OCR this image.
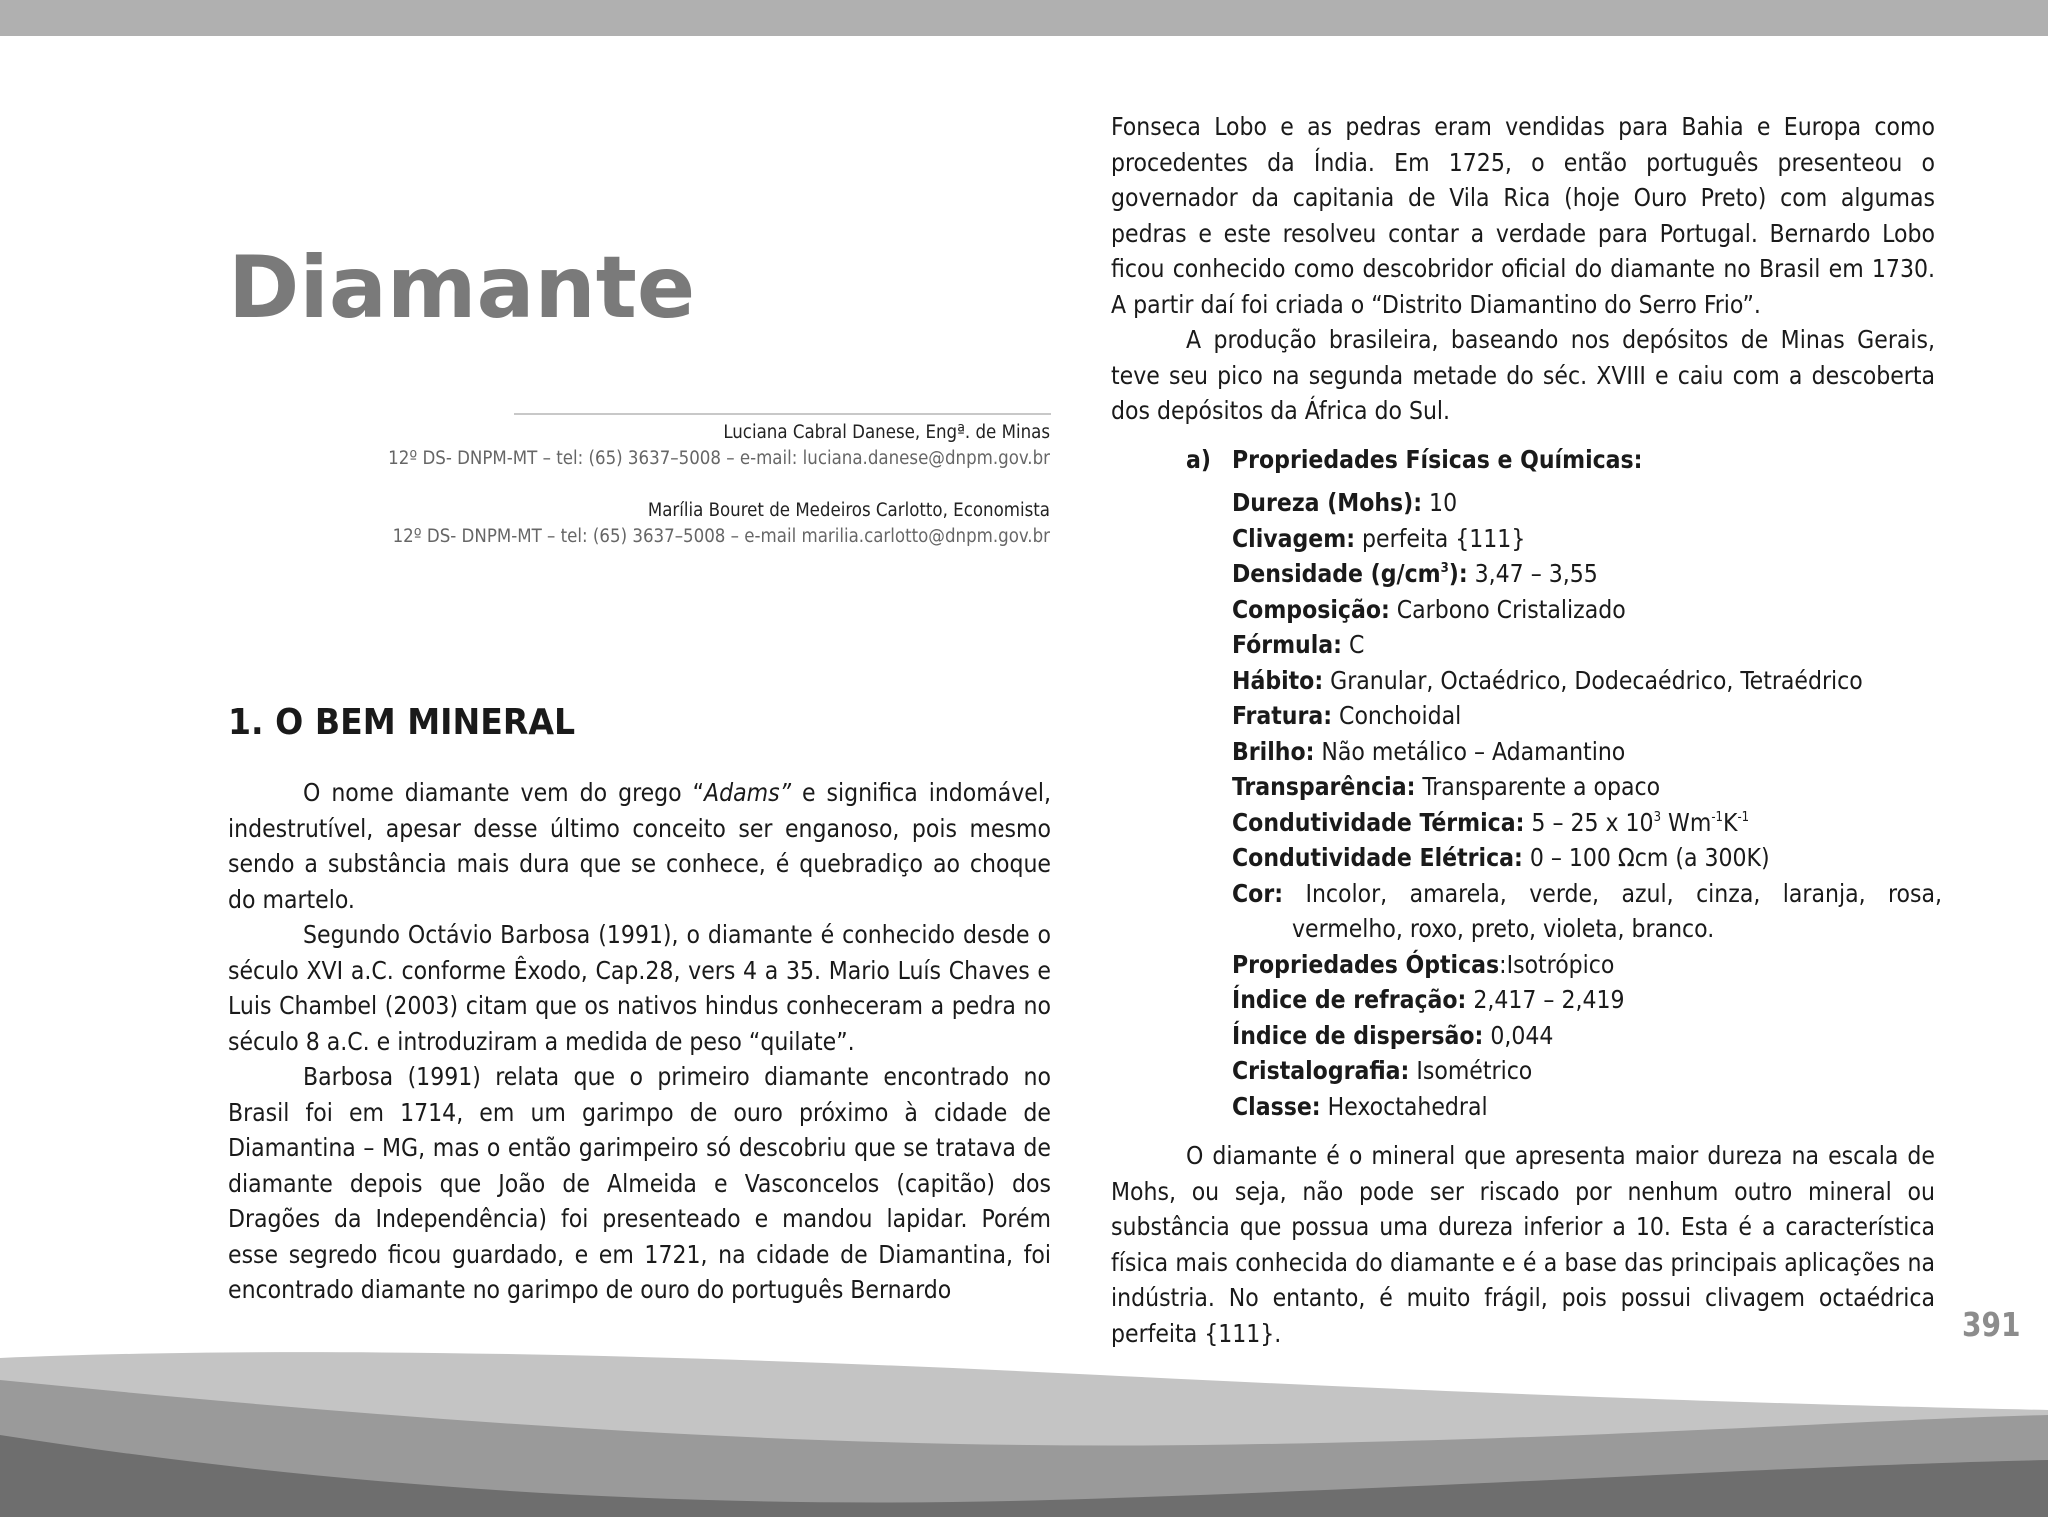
Diamante
Luciana Cabral Danese, Engª. de Minas
12º DS- DNPM-MT – tel: (65) 3637–5008 – e-mail: luciana.danese@dnpm.gov.br
Marília Bouret de Medeiros Carlotto, Economista
12º DS- DNPM-MT – tel: (65) 3637–5008 – e-mail marilia.carlotto@dnpm.gov.br
1. O BEM MINERAL

O nome diamante vem do grego “Adams” e significa indomável, indestrutível, apesar desse último conceito ser enganoso, pois mesmo sendo a substância mais dura que se conhece, é quebradiço ao choque do martelo.

Segundo Octávio Barbosa (1991), o diamante é conhecido desde o século XVI a.C. conforme Êxodo, Cap.28, vers 4 a 35. Mario Luís Chaves e Luis Chambel (2003) citam que os nativos hindus conheceram a pedra no século 8 a.C. e introduziram a medida de peso “quilate”.

Barbosa (1991) relata que o primeiro diamante encontrado no Brasil foi em 1714, em um garimpo de ouro próximo à cidade de Diamantina – MG, mas o então garimpeiro só descobriu que se tratava de diamante depois que João de Almeida e Vasconcelos (capitão) dos Dragões da Independência) foi presenteado e mandou lapidar. Porém esse segredo ficou guardado, e em 1721, na cidade de Diamantina, foi encontrado diamante no garimpo de ouro do português Bernardo

Fonseca Lobo e as pedras eram vendidas para Bahia e Europa como procedentes da Índia. Em 1725, o então português presenteou o governador da capitania de Vila Rica (hoje Ouro Preto) com algumas pedras e este resolveu contar a verdade para Portugal. Bernardo Lobo ficou conhecido como descobridor oficial do diamante no Brasil em 1730. A partir daí foi criada o “Distrito Diamantino do Serro Frio”.

A produção brasileira, baseando nos depósitos de Minas Gerais, teve seu pico na segunda metade do séc. XVIII e caiu com a descoberta dos depósitos da África do Sul.

a) Propriedades Físicas e Químicas:
Dureza (Mohs): 10
Clivagem: perfeita {111}
Densidade $(g/cm^3)$: 3,47 – 3,55
Composição: Carbono Cristalizado
Fórmula: C
Hábito: Granular, Octaédrico, Dodecaédrico, Tetraédrico
Fratura: Conchoidal
Brilho: Não metálico – Adamantino
Transparência: Transparente a opaco
Condutividade Térmica: 5 – 25 x $10^3$ $Wm^{-1}K^{-1}$
Condutividade Elétrica: 0 – 100 Ωcm (a 300K)
Cor: Incolor, amarela, verde, azul, cinza, laranja, rosa, vermelho, roxo, preto, violeta, branco.
Propriedades Ópticas:Isotrópico
Índice de refração: 2,417 – 2,419
Índice de dispersão: 0,044
Cristalografia: Isométrico
Classe: Hexoctahedral

O diamante é o mineral que apresenta maior dureza na escala de Mohs, ou seja, não pode ser riscado por nenhum outro mineral ou substância que possua uma dureza inferior a 10. Esta é a característica física mais conhecida do diamante e é a base das principais aplicações na indústria. No entanto, é muito frágil, pois possui clivagem octaédrica perfeita {111}.	391
